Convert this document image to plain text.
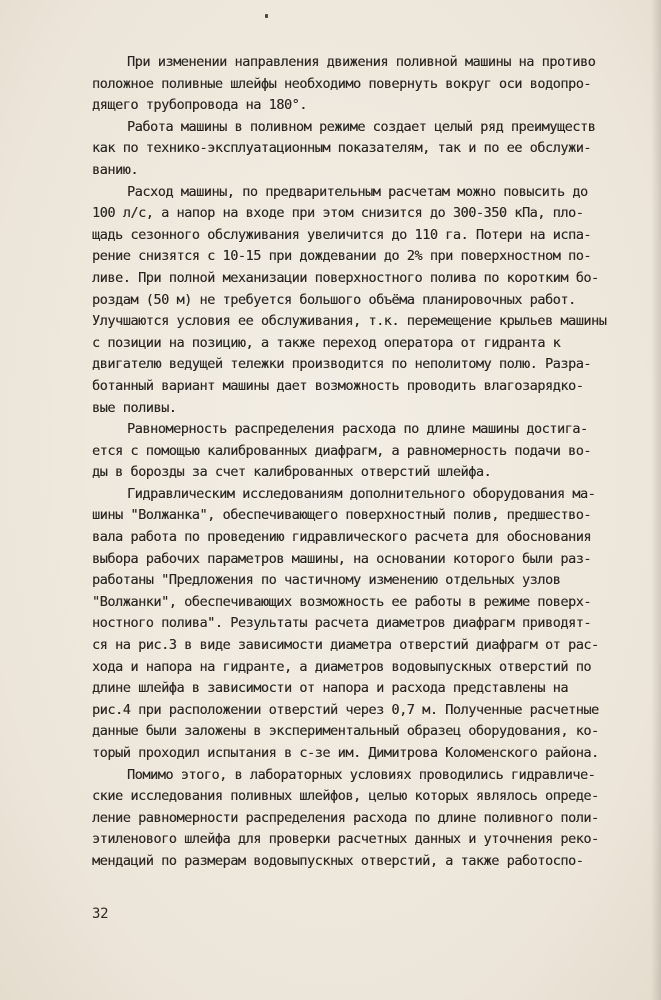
При изменении направления движения поливной машины на противо
положное поливные шлейфы необходимо повернуть вокруг оси водопро-
дящего трубопровода на 180°.
Работа машины в поливном режиме создает целый ряд преимуществ
как по технико-эксплуатационным показателям, так и по ее обслужи-
ванию.
Расход машины, по предварительным расчетам можно повысить до
100 л/с, а напор на входе при этом снизится до 300-350 кПа, пло-
щадь сезонного обслуживания увеличится до 110 га. Потери на испа-
рение снизятся с 10-15 при дождевании до 2% при поверхностном по-
ливе. При полной механизации поверхностного полива по коротким бо-
роздам (50 м) не требуется большого объёма планировочных работ.
Улучшаются условия ее обслуживания, т.к. перемещение крыльев машины
с позиции на позицию, а также переход оператора от гидранта к
двигателю ведущей тележки производится по неполитому полю. Разра-
ботанный вариант машины дает возможность проводить влагозарядко-
вые поливы.
Равномерность распределения расхода по длине машины достига-
ется с помощью калиброванных диафрагм, а равномерность подачи во-
ды в борозды за счет калиброванных отверстий шлейфа.
Гидравлическим исследованиям дополнительного оборудования ма-
шины "Волжанка", обеспечивающего поверхностный полив, предшество-
вала работа по проведению гидравлического расчета для обоснования
выбора рабочих параметров машины, на основании которого были раз-
работаны "Предложения по частичному изменению отдельных узлов
"Волжанки", обеспечивающих возможность ее работы в режиме поверх-
ностного полива". Результаты расчета диаметров диафрагм приводят-
ся на рис.3 в виде зависимости диаметра отверстий диафрагм от рас-
хода и напора на гидранте, а диаметров водовыпускных отверстий по
длине шлейфа в зависимости от напора и расхода представлены на
рис.4 при расположении отверстий через 0,7 м. Полученные расчетные
данные были заложены в экспериментальный образец оборудования, ко-
торый проходил испытания в с-зе им. Димитрова Коломенского района.
Помимо этого, в лабораторных условиях проводились гидравличе-
ские исследования поливных шлейфов, целью которых являлось опреде-
ление равномерности распределения расхода по длине поливного поли-
этиленового шлейфа для проверки расчетных данных и уточнения реко-
мендаций по размерам водовыпускных отверстий, а также работоспо-
32
